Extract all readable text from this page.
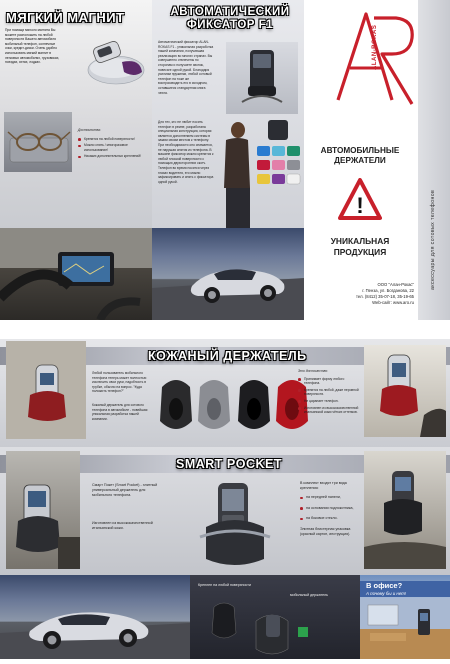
МЯГКИЙ МАГНИТ
При помощи мягкого магнита Вы можете расположить на любой поверхности Вашего автомобиля мобильный телефон, солнечные очки, кредит-диски. Очень удобно использовать мягкий магнит в легковых автомобилях, грузовиках, поездах, яхтах, лодках.
Достоинства:
Крепится на любой поверхности!
Можно снять / многоразовое использование!
Никаких дополнительных креплений!
АВТОМАТИЧЕСКИЙ ФИКСАТОР F1
Автоматический фиксатор ALAN-ROKAS F1 - уникальная разработка нашей компании, получившая реализацию во многих странах. Вы совершенно отвлечены по сторонам и получаете звонок, повесьте одной рукой. Благодаря усилиям пружинки, любой сотовый телефон на тоже же воспроизводить его в исходном, оставшиеся стандартная книга чехла.
Для тех, кто не любит носить телефон в ремне, разработана специальная конструкция, которая является дополнением системы в зажим своим местом к телефону. При необходимости оно снимается, не нарушая снятия из телефона. В машине фиксатор можно крепится к любой плоской поверхности с помощью двухсторонних скотч. Телефон во время носится через глазах водителя, его можно зафиксировать и снять с фиксатора одной рукой.
ALAN-ROKAS
АВТОМОБИЛЬНЫЕ
ДЕРЖАТЕЛИ
!
УНИКАЛЬНАЯ
ПРОДУКЦИЯ
ООО "Алан-Рокас"
г. Пенза, ул. Богданова, 22
тел. (8412) 35-07-18, 35-19-65
Web-сайт: www.aro.ru
аксессуары для сотовых телефонов
КОЖАНЫЙ ДЕРЖАТЕЛЬ
Любой пользователь мобильного телефона теперь может полностью исключить свои руки, надобность в трубке, обычно на вопрос. "Куда положить телефон?"
Кожаный держатель для сотового телефона в автомобиле - новейшая уникальная разработка нашей компании.
Это достоинство:
Принимает форму любого телефона.
Крепится на любой, даже неровной поверхности.
Не царапает телефон.
Изготовлен из высококачественной итальянской кожи чётких оттенков.
SMART POCKET
Смарт Покет (Smart Pocket) - элитный универсальный держатель для мобильного телефона.
Изготовлен из высококачественной итальянской кожи.
В комплект входят три вида крепления:
на передней панели,
на основании подлокотника,
на боковое стекло.
Элитная блистерная упаковка (красный картон, инструкция).
Креплен на любой поверхности
мобильный держатель
В офисе?
А почему бы и нет!
